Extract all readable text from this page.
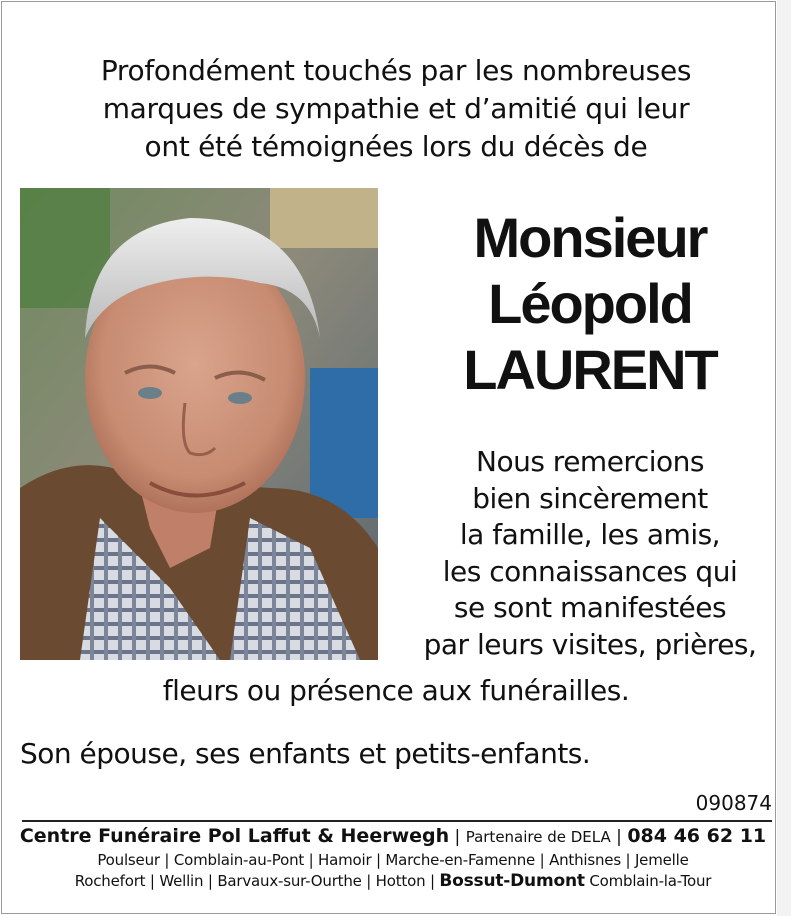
Profondément touchés par les nombreuses
marques de sympathie et d’amitié qui leur
ont été témoignées lors du décès de
Monsieur
Léopold
LAURENT
Nous remercions
bien sincèrement
la famille, les amis,
les connaissances qui
se sont manifestées
par leurs visites, prières,
fleurs ou présence aux funérailles.
Son épouse, ses enfants et petits-enfants.
090874
Centre Funéraire Pol Laffut & Heerwegh | Partenaire de DELA | 084 46 62 11
Poulseur | Comblain-au-Pont | Hamoir | Marche-en-Famenne | Anthisnes | Jemelle
Rochefort | Wellin | Barvaux-sur-Ourthe | Hotton | Bossut-Dumont Comblain-la-Tour
